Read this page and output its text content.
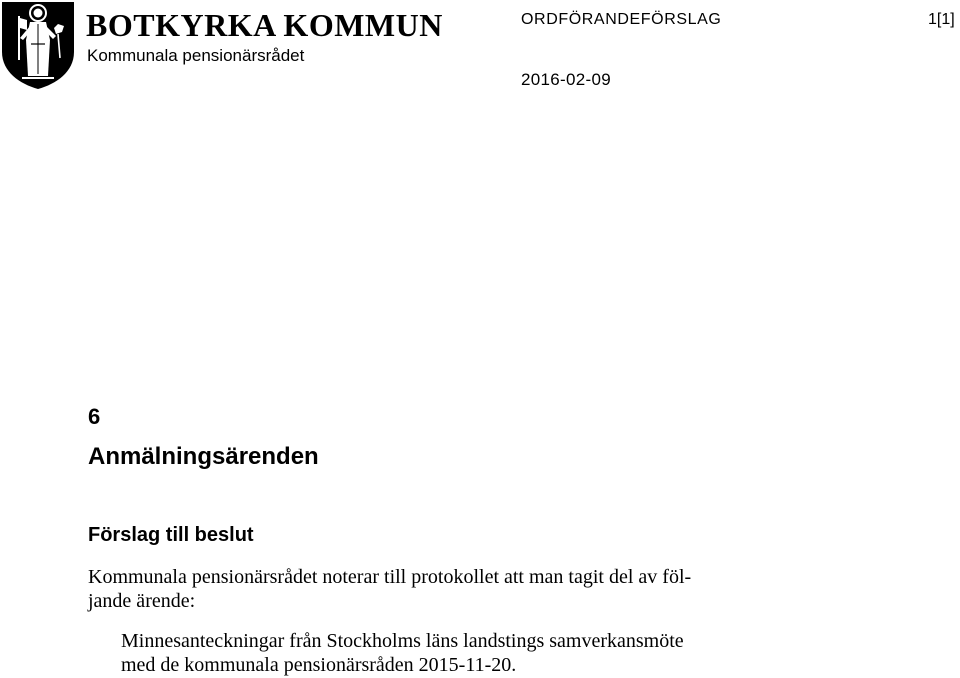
BOTKYRKA KOMMUN
Kommunala pensionärsrådet
ORDFÖRANDEFÖRSLAG	1[1]
2016-02-09
6
Anmälningsärenden
Förslag till beslut

Kommunala pensionärsrådet noterar till protokollet att man tagit del av föl-
jande ärende:

Minnesanteckningar från Stockholms läns landstings samverkansmöte
med de kommunala pensionärsråden 2015-11-20.
